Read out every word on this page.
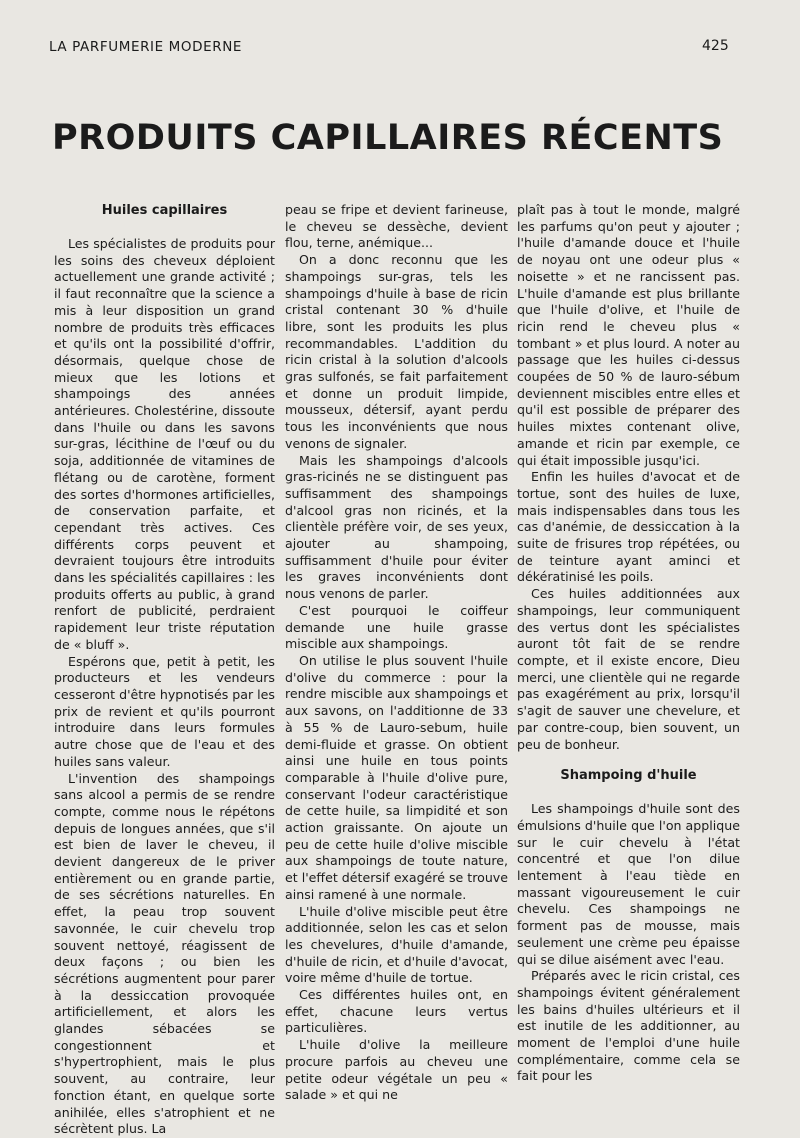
LA PARFUMERIE MODERNE	425
PRODUITS CAPILLAIRES RÉCENTS
Huiles capillaires

Les spécialistes de produits pour les soins des cheveux déploient actuellement une grande activité ; il faut reconnaître que la science a mis à leur disposition un grand nombre de produits très efficaces et qu'ils ont la possibilité d'offrir, désormais, quelque chose de mieux que les lotions et shampoings des années antérieures. Cholestérine, dissoute dans l'huile ou dans les savons sur-gras, lécithine de l'œuf ou du soja, additionnée de vitamines de flétang ou de carotène, forment des sortes d'hormones artificielles, de conservation parfaite, et cependant très actives. Ces différents corps peuvent et devraient toujours être introduits dans les spécialités capillaires : les produits offerts au public, à grand renfort de publicité, perdraient rapidement leur triste réputation de « bluff ».

Espérons que, petit à petit, les producteurs et les vendeurs cesseront d'être hypnotisés par les prix de revient et qu'ils pourront introduire dans leurs formules autre chose que de l'eau et des huiles sans valeur.

L'invention des shampoings sans alcool a permis de se rendre compte, comme nous le répétons depuis de longues années, que s'il est bien de laver le cheveu, il devient dangereux de le priver entièrement ou en grande partie, de ses sécrétions naturelles. En effet, la peau trop souvent savonnée, le cuir chevelu trop souvent nettoyé, réagissent de deux façons ; ou bien les sécrétions augmentent pour parer à la dessiccation provoquée artificiellement, et alors les glandes sébacées se congestionnent et s'hypertrophient, mais le plus souvent, au contraire, leur fonction étant, en quelque sorte anihilée, elles s'atrophient et ne sécrètent plus. La

peau se fripe et devient farineuse, le cheveu se dessèche, devient flou, terne, anémique...

On a donc reconnu que les shampoings sur-gras, tels les shampoings d'huile à base de ricin cristal contenant 30 % d'huile libre, sont les produits les plus recommandables. L'addition du ricin cristal à la solution d'alcools gras sulfonés, se fait parfaitement et donne un produit limpide, mousseux, détersif, ayant perdu tous les inconvénients que nous venons de signaler.

Mais les shampoings d'alcools gras-ricinés ne se distinguent pas suffisamment des shampoings d'alcool gras non ricinés, et la clientèle préfère voir, de ses yeux, ajouter au shampoing, suffisamment d'huile pour éviter les graves inconvénients dont nous venons de parler.

C'est pourquoi le coiffeur demande une huile grasse miscible aux shampoings.

On utilise le plus souvent l'huile d'olive du commerce : pour la rendre miscible aux shampoings et aux savons, on l'additionne de 33 à 55 % de Lauro-sebum, huile demi-fluide et grasse. On obtient ainsi une huile en tous points comparable à l'huile d'olive pure, conservant l'odeur caractéristique de cette huile, sa limpidité et son action graissante. On ajoute un peu de cette huile d'olive miscible aux shampoings de toute nature, et l'effet détersif exagéré se trouve ainsi ramené à une normale.

L'huile d'olive miscible peut être additionnée, selon les cas et selon les chevelures, d'huile d'amande, d'huile de ricin, et d'huile d'avocat, voire même d'huile de tortue.

Ces différentes huiles ont, en effet, chacune leurs vertus particulières.

L'huile d'olive la meilleure procure parfois au cheveu une petite odeur végétale un peu « salade » et qui ne

plaît pas à tout le monde, malgré les parfums qu'on peut y ajouter ; l'huile d'amande douce et l'huile de noyau ont une odeur plus « noisette » et ne rancissent pas. L'huile d'amande est plus brillante que l'huile d'olive, et l'huile de ricin rend le cheveu plus « tombant » et plus lourd. A noter au passage que les huiles ci-dessus coupées de 50 % de lauro-sébum deviennent miscibles entre elles et qu'il est possible de préparer des huiles mixtes contenant olive, amande et ricin par exemple, ce qui était impossible jusqu'ici.

Enfin les huiles d'avocat et de tortue, sont des huiles de luxe, mais indispensables dans tous les cas d'anémie, de dessiccation à la suite de frisures trop répétées, ou de teinture ayant aminci et dékératinisé les poils.

Ces huiles additionnées aux shampoings, leur communiquent des vertus dont les spécialistes auront tôt fait de se rendre compte, et il existe encore, Dieu merci, une clientèle qui ne regarde pas exagérément au prix, lorsqu'il s'agit de sauver une chevelure, et par contre-coup, bien souvent, un peu de bonheur.

Shampoing d'huile

Les shampoings d'huile sont des émulsions d'huile que l'on applique sur le cuir chevelu à l'état concentré et que l'on dilue lentement à l'eau tiède en massant vigoureusement le cuir chevelu. Ces shampoings ne forment pas de mousse, mais seulement une crème peu épaisse qui se dilue aisément avec l'eau.

Préparés avec le ricin cristal, ces shampoings évitent généralement les bains d'huiles ultérieurs et il est inutile de les additionner, au moment de l'emploi d'une huile complémentaire, comme cela se fait pour les
